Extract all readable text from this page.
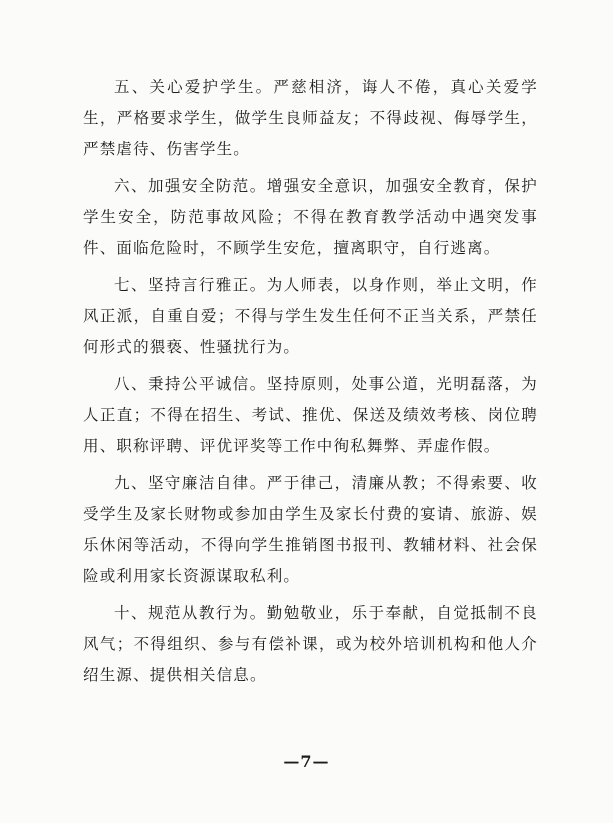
五、关心爱护学生。严慈相济，诲人不倦，真心关爱学生，严格要求学生，做学生良师益友；不得歧视、侮辱学生，严禁虐待、伤害学生。

六、加强安全防范。增强安全意识，加强安全教育，保护学生安全，防范事故风险；不得在教育教学活动中遇突发事件、面临危险时，不顾学生安危，擅离职守，自行逃离。

七、坚持言行雅正。为人师表，以身作则，举止文明，作风正派，自重自爱；不得与学生发生任何不正当关系，严禁任何形式的猥亵、性骚扰行为。

八、秉持公平诚信。坚持原则，处事公道，光明磊落，为人正直；不得在招生、考试、推优、保送及绩效考核、岗位聘用、职称评聘、评优评奖等工作中徇私舞弊、弄虚作假。

九、坚守廉洁自律。严于律己，清廉从教；不得索要、收受学生及家长财物或参加由学生及家长付费的宴请、旅游、娱乐休闲等活动，不得向学生推销图书报刊、教辅材料、社会保险或利用家长资源谋取私利。

十、规范从教行为。勤勉敬业，乐于奉献，自觉抵制不良风气；不得组织、参与有偿补课，或为校外培训机构和他人介绍生源、提供相关信息。

—7—
